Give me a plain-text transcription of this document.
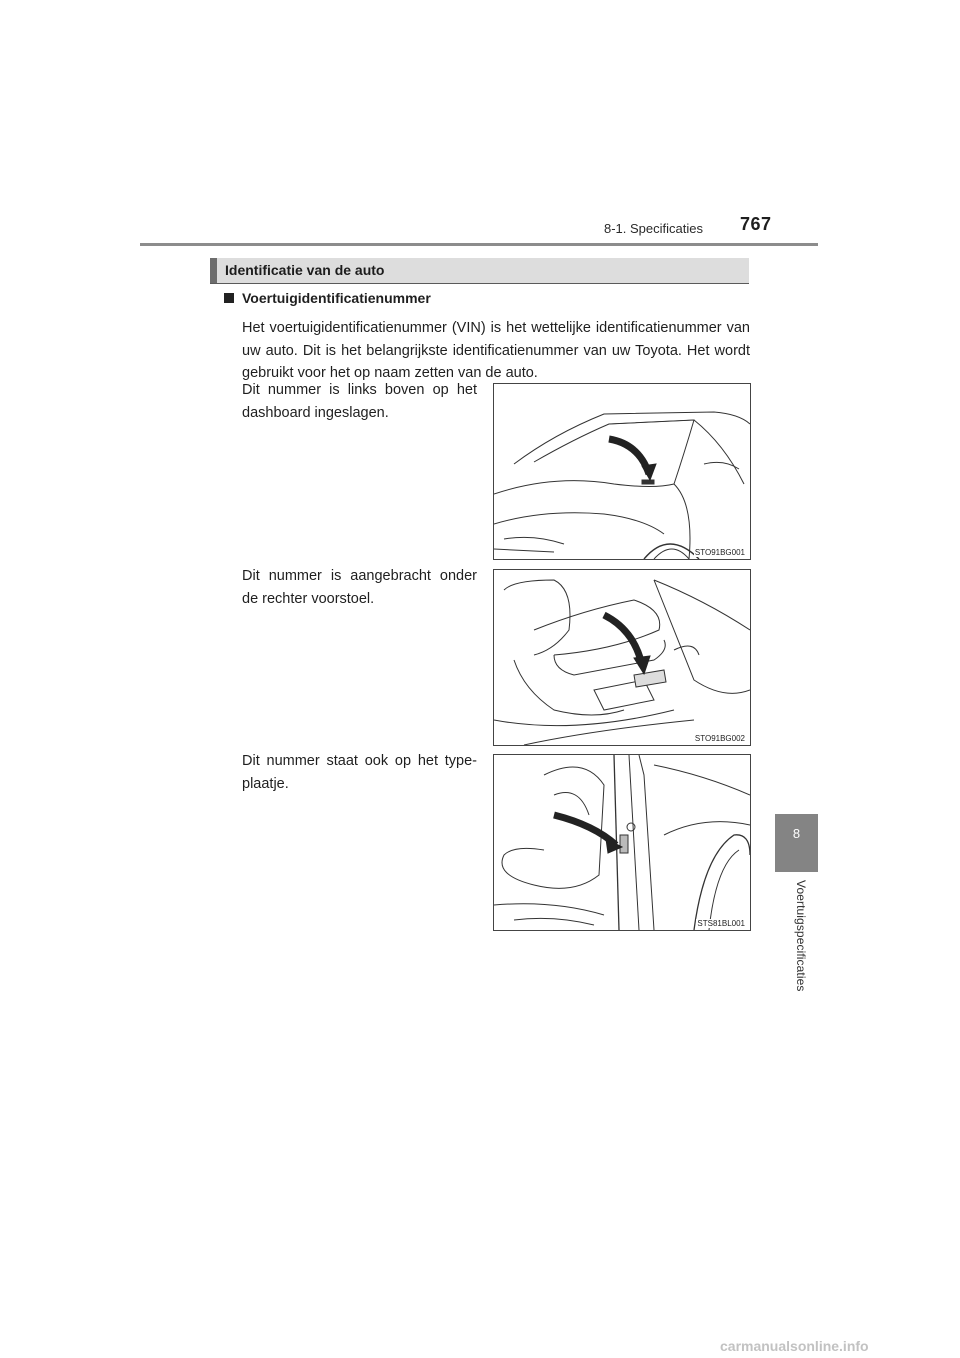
8-1. Specificaties 767
8
Voertuigspecificaties
Identificatie van de auto
Voertuigidentificatienummer
Het voertuigidentificatienummer (VIN) is het wettelijke identificatienummer van uw auto. Dit is het belangrijkste identificatienummer van uw Toyota. Het wordt gebruikt voor het op naam zetten van de auto.
Dit nummer is links boven op het dashboard ingeslagen.
STO91BG001
Dit nummer is aangebracht onder de rechter voorstoel.
STO91BG002
Dit nummer staat ook op het type-plaatje.
STS81BL001
carmanualsonline.info
